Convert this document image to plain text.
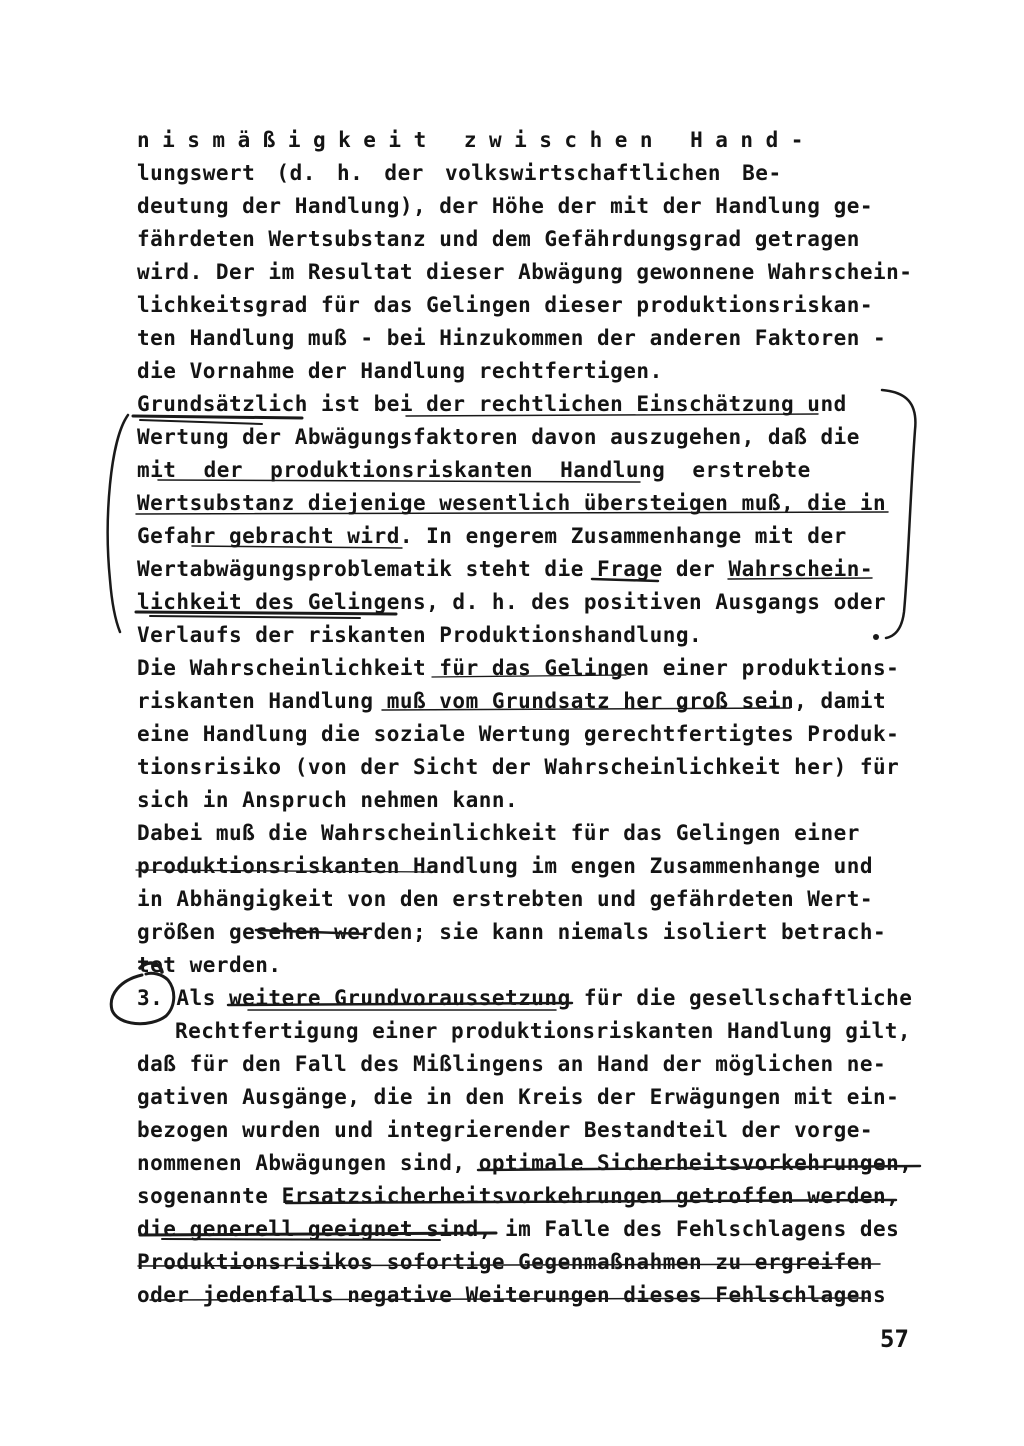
nismäßigkeit zwischen Hand-
lungswert (d. h. der volkswirtschaftlichen Be-
deutung der Handlung), der Höhe der mit der Handlung ge-
fährdeten Wertsubstanz und dem Gefährdungsgrad getragen
wird. Der im Resultat dieser Abwägung gewonnene Wahrschein-
lichkeitsgrad für das Gelingen dieser produktionsriskan-
ten Handlung muß - bei Hinzukommen der anderen Faktoren -
die Vornahme der Handlung rechtfertigen.
Grundsätzlich ist bei der rechtlichen Einschätzung und
Wertung der Abwägungsfaktoren davon auszugehen, daß die
mit der produktionsriskanten Handlung erstrebte
Wertsubstanz diejenige wesentlich übersteigen muß, die in
Gefahr gebracht wird. In engerem Zusammenhange mit der
Wertabwägungsproblematik steht die Frage der Wahrschein-
lichkeit des Gelingens, d. h. des positiven Ausgangs oder
Verlaufs der riskanten Produktionshandlung.
Die Wahrscheinlichkeit für das Gelingen einer produktions-
riskanten Handlung muß vom Grundsatz her groß sein, damit
eine Handlung die soziale Wertung gerechtfertigtes Produk-
tionsrisiko (von der Sicht der Wahrscheinlichkeit her) für
sich in Anspruch nehmen kann.
Dabei muß die Wahrscheinlichkeit für das Gelingen einer
produktionsriskanten Handlung im engen Zusammenhange und
in Abhängigkeit von den erstrebten und gefährdeten Wert-
größen gesehen werden; sie kann niemals isoliert betrach-
tet werden.
3. Als weitere Grundvoraussetzung für die gesellschaftliche
Rechtfertigung einer produktionsriskanten Handlung gilt,
daß für den Fall des Mißlingens an Hand der möglichen ne-
gativen Ausgänge, die in den Kreis der Erwägungen mit ein-
bezogen wurden und integrierender Bestandteil der vorge-
nommenen Abwägungen sind, optimale Sicherheitsvorkehrungen,
sogenannte Ersatzsicherheitsvorkehrungen getroffen werden,
die generell geeignet sind, im Falle des Fehlschlagens des
Produktionsrisikos sofortige Gegenmaßnahmen zu ergreifen
oder jedenfalls negative Weiterungen dieses Fehlschlagens
57
